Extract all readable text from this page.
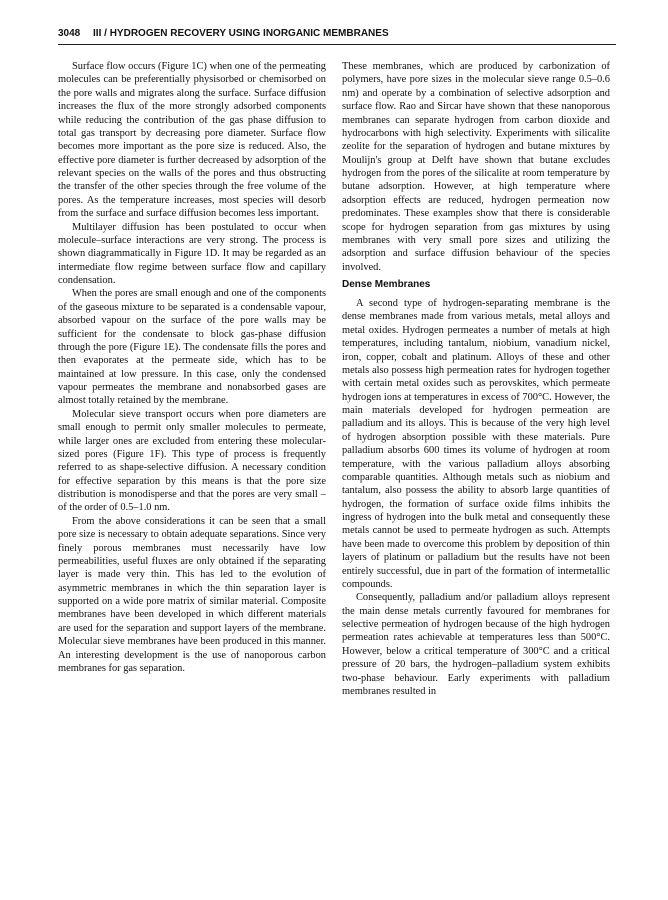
3048 III / HYDROGEN RECOVERY USING INORGANIC MEMBRANES

Surface flow occurs (Figure 1C) when one of the permeating molecules can be preferentially physisorbed or chemisorbed on the pore walls and migrates along the surface. Surface diffusion increases the flux of the more strongly adsorbed components while reducing the contribution of the gas phase diffusion to total gas transport by decreasing pore diameter. Surface flow becomes more important as the pore size is reduced. Also, the effective pore diameter is further decreased by adsorption of the relevant species on the walls of the pores and thus obstructing the transfer of the other species through the free volume of the pores. As the temperature increases, most species will desorb from the surface and surface diffusion becomes less important.

Multilayer diffusion has been postulated to occur when molecule–surface interactions are very strong. The process is shown diagrammatically in Figure 1D. It may be regarded as an intermediate flow regime between surface flow and capillary condensation.

When the pores are small enough and one of the components of the gaseous mixture to be separated is a condensable vapour, absorbed vapour on the surface of the pore walls may be sufficient for the condensate to block gas-phase diffusion through the pore (Figure 1E). The condensate fills the pores and then evaporates at the permeate side, which has to be maintained at low pressure. In this case, only the condensed vapour permeates the membrane and nonabsorbed gases are almost totally retained by the membrane.

Molecular sieve transport occurs when pore diameters are small enough to permit only smaller molecules to permeate, while larger ones are excluded from entering these molecular-sized pores (Figure 1F). This type of process is frequently referred to as shape-selective diffusion. A necessary condition for effective separation by this means is that the pore size distribution is monodisperse and that the pores are very small – of the order of 0.5–1.0 nm.

From the above considerations it can be seen that a small pore size is necessary to obtain adequate separations. Since very finely porous membranes must necessarily have low permeabilities, useful fluxes are only obtained if the separating layer is made very thin. This has led to the evolution of asymmetric membranes in which the thin separation layer is supported on a wide pore matrix of similar material. Composite membranes have been developed in which different materials are used for the separation and support layers of the membrane. Molecular sieve membranes have been produced in this manner. An interesting development is the use of nanoporous carbon membranes for gas separation.

These membranes, which are produced by carbonization of polymers, have pore sizes in the molecular sieve range 0.5–0.6 nm) and operate by a combination of selective adsorption and surface flow. Rao and Sircar have shown that these nanoporous membranes can separate hydrogen from carbon dioxide and hydrocarbons with high selectivity. Experiments with silicalite zeolite for the separation of hydrogen and butane mixtures by Moulijn's group at Delft have shown that butane excludes hydrogen from the pores of the silicalite at room temperature by butane adsorption. However, at high temperature where adsorption effects are reduced, hydrogen permeation now predominates. These examples show that there is considerable scope for hydrogen separation from gas mixtures by using membranes with very small pore sizes and utilizing the adsorption and surface diffusion behaviour of the species involved.

Dense Membranes

A second type of hydrogen-separating membrane is the dense membranes made from various metals, metal alloys and metal oxides. Hydrogen permeates a number of metals at high temperatures, including tantalum, niobium, vanadium nickel, iron, copper, cobalt and platinum. Alloys of these and other metals also possess high permeation rates for hydrogen together with certain metal oxides such as perovskites, which permeate hydrogen ions at temperatures in excess of 700°C. However, the main materials developed for hydrogen permeation are palladium and its alloys. This is because of the very high level of hydrogen absorption possible with these materials. Pure palladium absorbs 600 times its volume of hydrogen at room temperature, with the various palladium alloys absorbing comparable quantities. Although metals such as niobium and tantalum, also possess the ability to absorb large quantities of hydrogen, the formation of surface oxide films inhibits the ingress of hydrogen into the bulk metal and consequently these metals cannot be used to permeate hydrogen as such. Attempts have been made to overcome this problem by deposition of thin layers of platinum or palladium but the results have not been entirely successful, due in part of the formation of intermetallic compounds.

Consequently, palladium and/or palladium alloys represent the main dense metals currently favoured for membranes for selective permeation of hydrogen because of the high hydrogen permeation rates achievable at temperatures less than 500°C. However, below a critical temperature of 300°C and a critical pressure of 20 bars, the hydrogen–palladium system exhibits two-phase behaviour. Early experiments with palladium membranes resulted in
